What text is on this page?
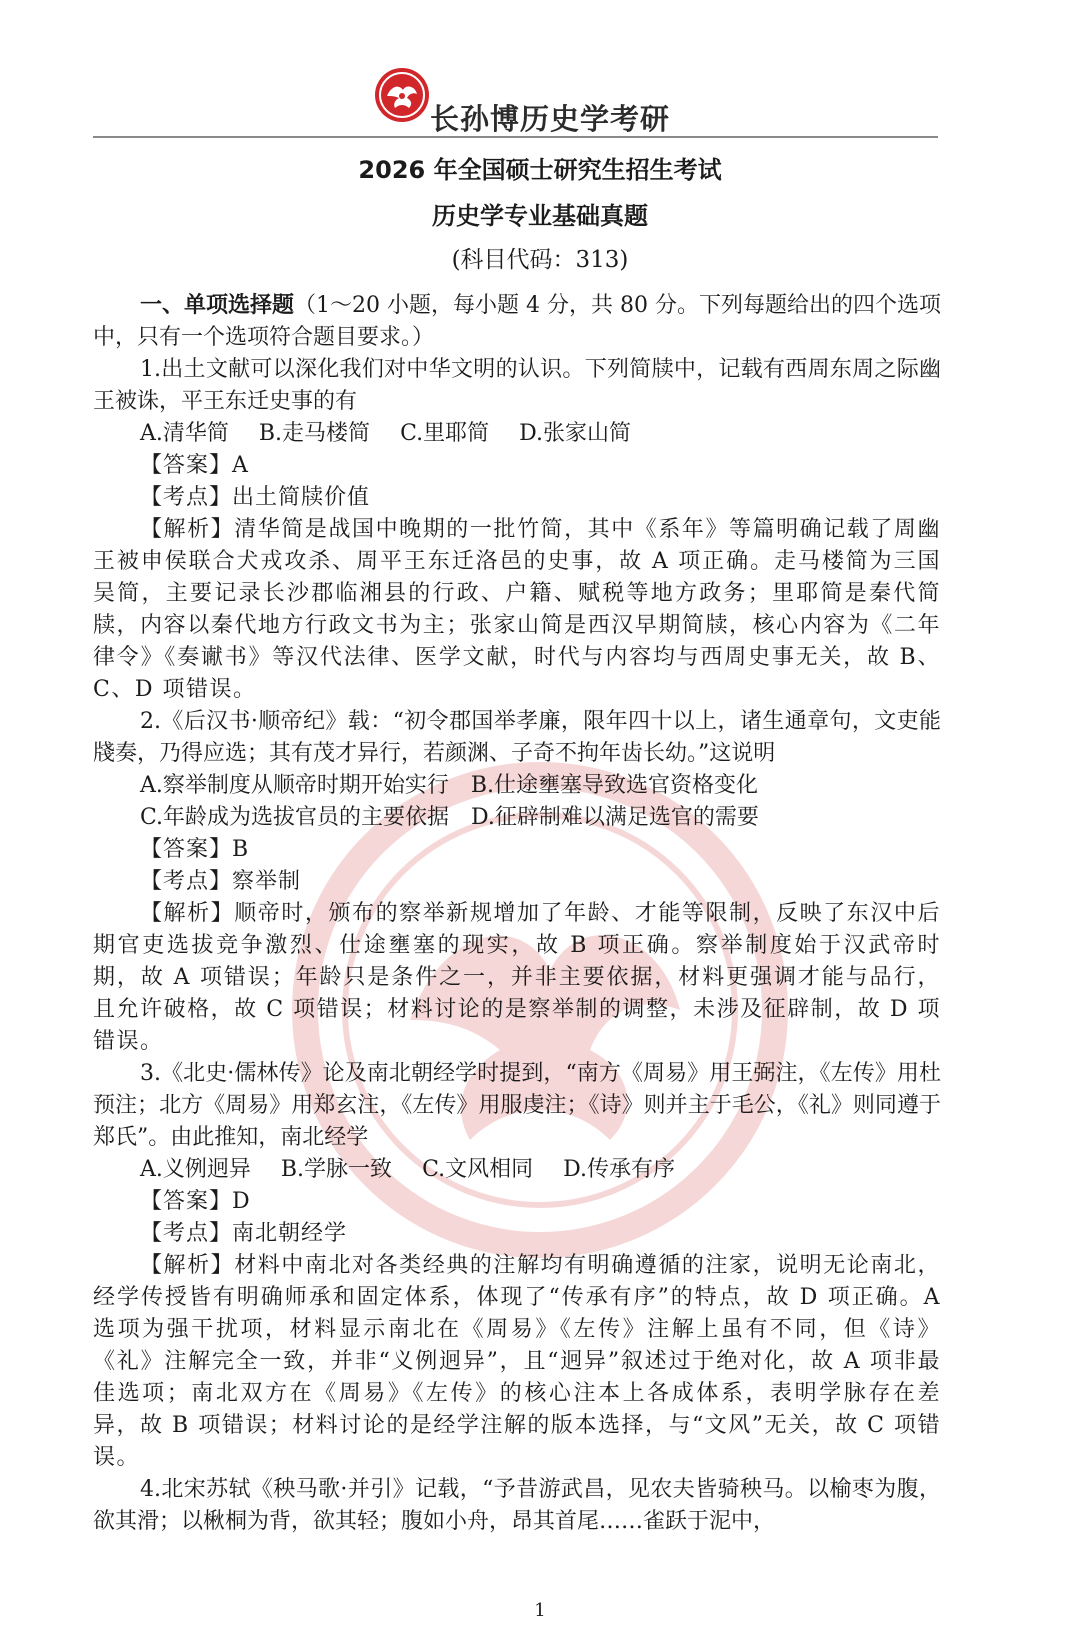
长孙博历史学考研
2026 年全国硕士研究生招生考试
历史学专业基础真题
(科目代码：313)

一、单项选择题（1～20 小题，每小题 4 分，共 80 分。下列每题给出的四个选项中，只有一个选项符合题目要求。）

1.出土文献可以深化我们对中华文明的认识。下列简牍中，记载有西周东周之际幽王被诛，平王东迁史事的有

A.清华简 B.走马楼简 C.里耶简 D.张家山简

【答案】A

【考点】出土简牍价值

【解析】清华简是战国中晚期的一批竹简，其中《系年》等篇明确记载了周幽王被申侯联合犬戎攻杀、周平王东迁洛邑的史事，故 A 项正确。走马楼简为三国吴简，主要记录长沙郡临湘县的行政、户籍、赋税等地方政务；里耶简是秦代简牍，内容以秦代地方行政文书为主；张家山简是西汉早期简牍，核心内容为《二年律令》《奏谳书》等汉代法律、医学文献，时代与内容均与西周史事无关，故 B、C、D 项错误。

2.《后汉书·顺帝纪》载：“初令郡国举孝廉，限年四十以上，诸生通章句，文吏能牋奏，乃得应选；其有茂才异行，若颜渊、子奇不拘年齿长幼。”这说明

A.察举制度从顺帝时期开始实行 B.仕途壅塞导致选官资格变化

C.年龄成为选拔官员的主要依据 D.征辟制难以满足选官的需要

【答案】B

【考点】察举制

【解析】顺帝时，颁布的察举新规增加了年龄、才能等限制，反映了东汉中后期官吏选拔竞争激烈、仕途壅塞的现实，故 B 项正确。察举制度始于汉武帝时期，故 A 项错误；年龄只是条件之一，并非主要依据，材料更强调才能与品行，且允许破格，故 C 项错误；材料讨论的是察举制的调整，未涉及征辟制，故 D 项错误。

3.《北史·儒林传》论及南北朝经学时提到，“南方《周易》用王弼注，《左传》用杜预注；北方《周易》用郑玄注，《左传》用服虔注；《诗》则并主于毛公，《礼》则同遵于郑氏”。由此推知，南北经学

A.义例迥异 B.学脉一致 C.文风相同 D.传承有序

【答案】D

【考点】南北朝经学

【解析】材料中南北对各类经典的注解均有明确遵循的注家，说明无论南北，经学传授皆有明确师承和固定体系，体现了“传承有序”的特点，故 D 项正确。A 选项为强干扰项，材料显示南北在《周易》《左传》注解上虽有不同，但《诗》《礼》注解完全一致，并非“义例迥异”，且“迥异”叙述过于绝对化，故 A 项非最佳选项；南北双方在《周易》《左传》的核心注本上各成体系，表明学脉存在差异，故 B 项错误；材料讨论的是经学注解的版本选择，与“文风”无关，故 C 项错误。

4.北宋苏轼《秧马歌·并引》记载，“予昔游武昌，见农夫皆骑秧马。以榆枣为腹，欲其滑；以楸桐为背，欲其轻；腹如小舟，昂其首尾……雀跃于泥中，

1
